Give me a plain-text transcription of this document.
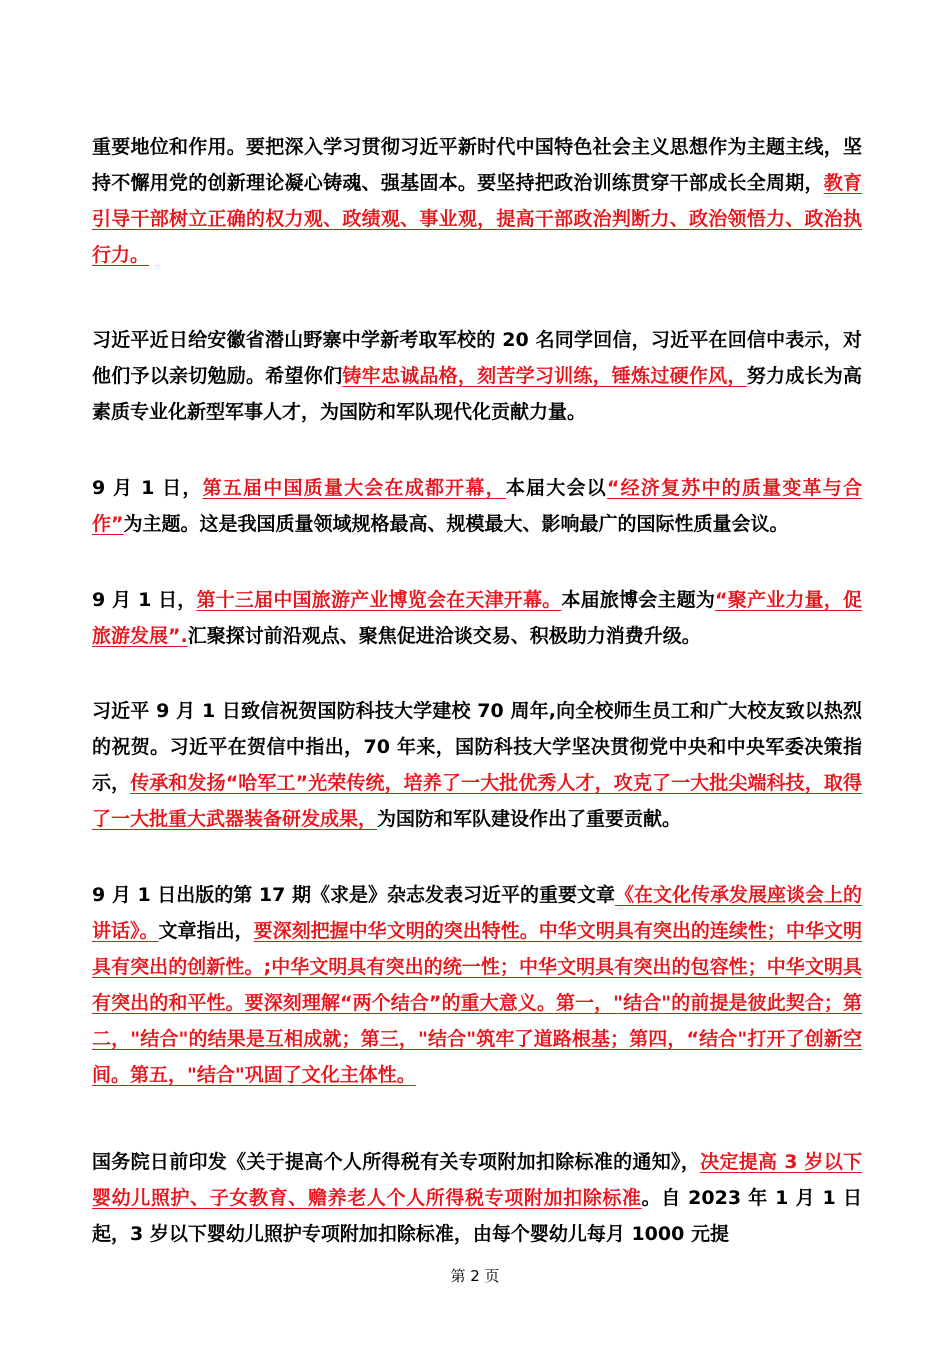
重要地位和作用。要把深入学习贯彻习近平新时代中国特色社会主义思想作为主题主线，坚持不懈用党的创新理论凝心铸魂、强基固本。要坚持把政治训练贯穿干部成长全周期，教育引导干部树立正确的权力观、政绩观、事业观，提高干部政治判断力、政治领悟力、政治执行力。

习近平近日给安徽省潜山野寨中学新考取军校的 20 名同学回信，习近平在回信中表示，对他们予以亲切勉励。希望你们铸牢忠诚品格，刻苦学习训练，锤炼过硬作风，努力成长为高素质专业化新型军事人才，为国防和军队现代化贡献力量。

9 月 1 日，第五届中国质量大会在成都开幕，本届大会以“经济复苏中的质量变革与合作”为主题。这是我国质量领域规格最高、规模最大、影响最广的国际性质量会议。

9 月 1 日，第十三届中国旅游产业博览会在天津开幕。本届旅博会主题为“聚产业力量，促旅游发展”.汇聚探讨前沿观点、聚焦促进洽谈交易、积极助力消费升级。

习近平 9 月 1 日致信祝贺国防科技大学建校 70 周年,向全校师生员工和广大校友致以热烈的祝贺。习近平在贺信中指出，70 年来，国防科技大学坚决贯彻党中央和中央军委决策指示，传承和发扬“哈军工”光荣传统，培养了一大批优秀人才，攻克了一大批尖端科技，取得了一大批重大武器装备研发成果，为国防和军队建设作出了重要贡献。

9 月 1 日出版的第 17 期《求是》杂志发表习近平的重要文章《在文化传承发展座谈会上的讲话》。文章指出，要深刻把握中华文明的突出特性。中华文明具有突出的连续性；中华文明具有突出的创新性。;中华文明具有突出的统一性；中华文明具有突出的包容性；中华文明具有突出的和平性。要深刻理解“两个结合”的重大意义。第一，"结合"的前提是彼此契合；第二，"结合"的结果是互相成就；第三，"结合"筑牢了道路根基；第四，“结合"打开了创新空间。第五，"结合"巩固了文化主体性。

国务院日前印发《关于提高个人所得税有关专项附加扣除标准的通知》，决定提高 3 岁以下婴幼儿照护、子女教育、赡养老人个人所得税专项附加扣除标准。自 2023 年 1 月 1 日起，3 岁以下婴幼儿照护专项附加扣除标准，由每个婴幼儿每月 1000 元提

第 2 页
